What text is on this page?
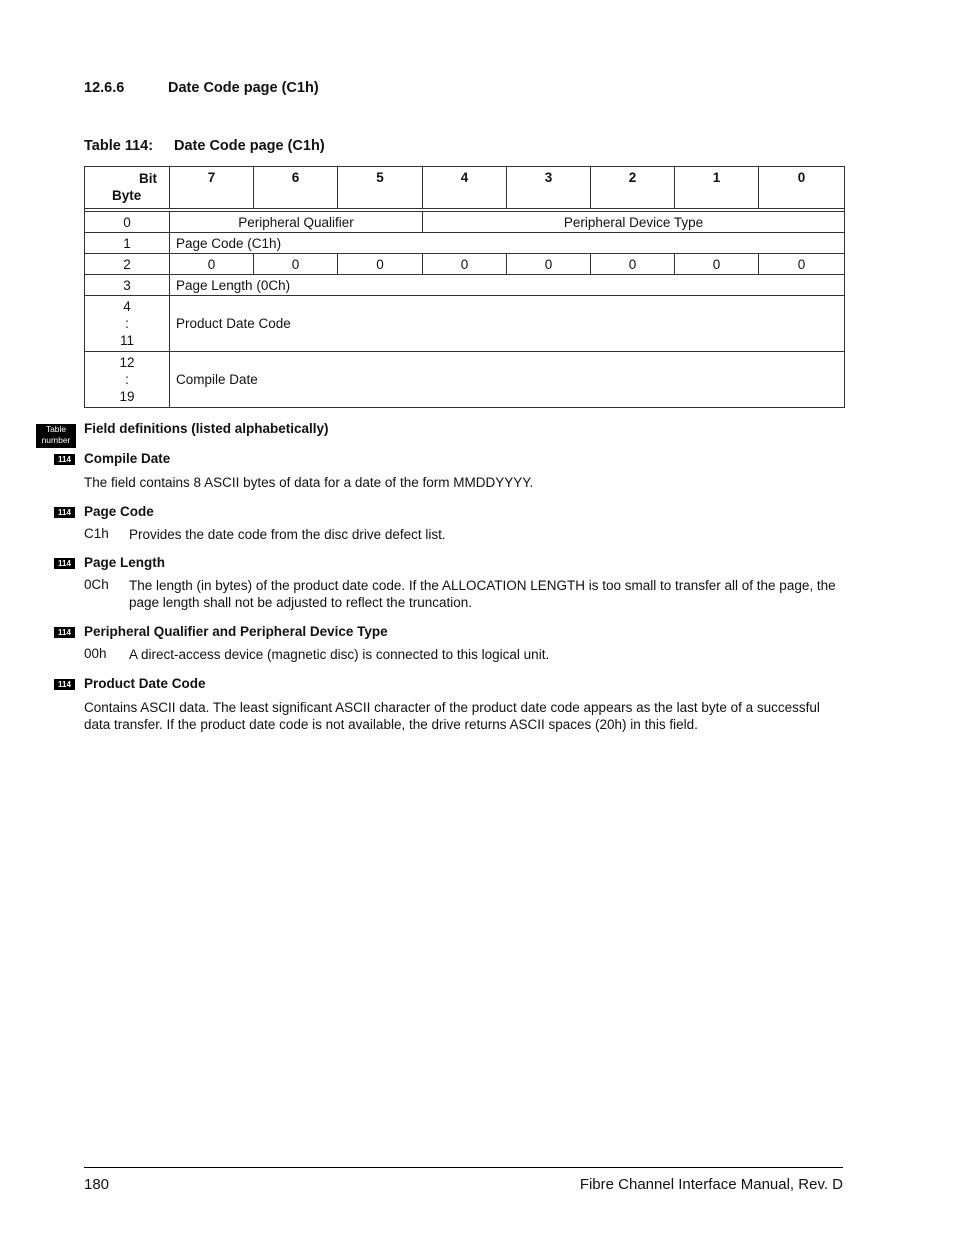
12.6.6	Date Code page (C1h)
Table 114: Date Code page (C1h)
Bit
Byte	7	6	5	4	3	2	1	0

0	Peripheral Qualifier			Peripheral Device Type				
1	Page Code (C1h)							
2	0	0	0	0	0	0	0	0
3	Page Length (0Ch)							

4
:
11	Product Date Code							

12
:
19	Compile Date							
Table
number
Field definitions (listed alphabetically)
114 Compile Date
The field contains 8 ASCII bytes of data for a date of the form MMDDYYYY.
114 Page Code
C1h Provides the date code from the disc drive defect list.
114 Page Length
0Ch The length (in bytes) of the product date code. If the ALLOCATION LENGTH is too small to transfer all of the page, the page length shall not be adjusted to reflect the truncation.
114 Peripheral Qualifier and Peripheral Device Type
00h A direct-access device (magnetic disc) is connected to this logical unit.
114 Product Date Code
Contains ASCII data. The least significant ASCII character of the product date code appears as the last byte of a successful data transfer. If the product date code is not available, the drive returns ASCII spaces (20h) in this field.
180	Fibre Channel Interface Manual, Rev. D
